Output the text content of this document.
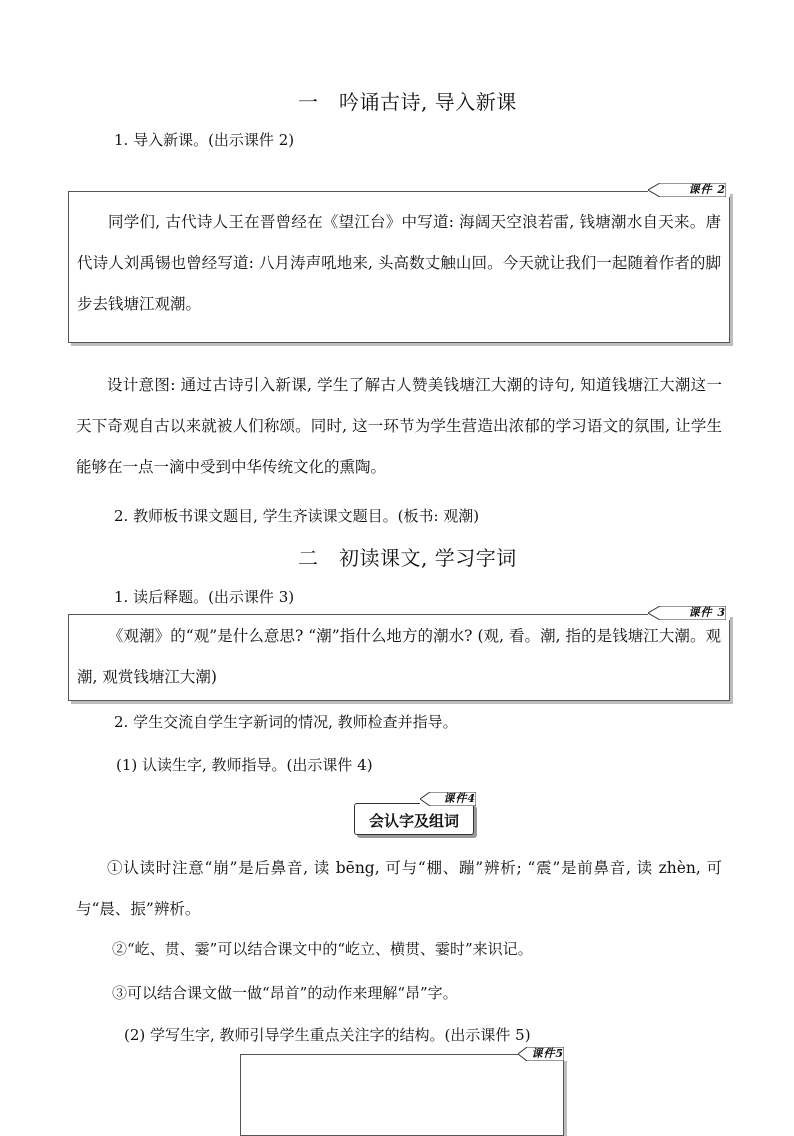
一　吟诵古诗, 导入新课
1. 导入新课。(出示课件 2)
同学们, 古代诗人王在晋曾经在《望江台》中写道: 海阔天空浪若雷, 钱塘潮水自天来。唐代诗人刘禹锡也曾经写道: 八月涛声吼地来, 头高数丈触山回。今天就让我们一起随着作者的脚步去钱塘江观潮。
课件 2
设计意图: 通过古诗引入新课, 学生了解古人赞美钱塘江大潮的诗句, 知道钱塘江大潮这一天下奇观自古以来就被人们称颂。同时, 这一环节为学生营造出浓郁的学习语文的氛围, 让学生能够在一点一滴中受到中华传统文化的熏陶。
2. 教师板书课文题目, 学生齐读课文题目。(板书: 观潮)
二　初读课文, 学习字词
1. 读后释题。(出示课件 3)
《观潮》的“观”是什么意思? “潮”指什么地方的潮水? (观, 看。潮, 指的是钱塘江大潮。观潮, 观赏钱塘江大潮)
课件 3
2. 学生交流自学生字新词的情况, 教师检查并指导。
(1) 认读生字, 教师指导。(出示课件 4)
课件4
会认字及组词
①认读时注意“崩”是后鼻音, 读 bēng, 可与“棚、蹦”辨析; “震”是前鼻音, 读 zhèn, 可与“晨、振”辨析。
②“屹、贯、霎”可以结合课文中的“屹立、横贯、霎时”来识记。
③可以结合课文做一做“昂首”的动作来理解“昂”字。
(2) 学写生字, 教师引导学生重点关注字的结构。(出示课件 5)
课件5
